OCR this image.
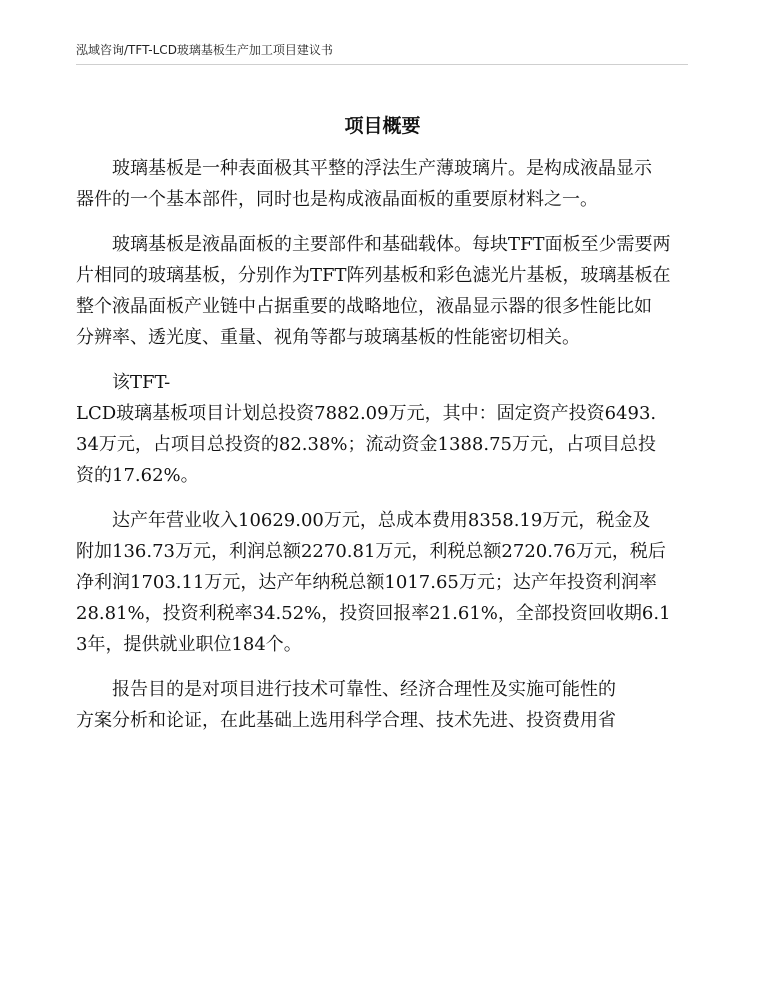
泓域咨询/TFT-LCD玻璃基板生产加工项目建议书
项目概要

玻璃基板是一种表面极其平整的浮法生产薄玻璃片。是构成液晶显示
器件的一个基本部件，同时也是构成液晶面板的重要原材料之一。

玻璃基板是液晶面板的主要部件和基础载体。每块TFT面板至少需要两
片相同的玻璃基板，分别作为TFT阵列基板和彩色滤光片基板，玻璃基板在
整个液晶面板产业链中占据重要的战略地位，液晶显示器的很多性能比如
分辨率、透光度、重量、视角等都与玻璃基板的性能密切相关。

该TFT-
LCD玻璃基板项目计划总投资7882.09万元，其中：固定资产投资6493.
34万元，占项目总投资的82.38%；流动资金1388.75万元，占项目总投
资的17.62%。

达产年营业收入10629.00万元，总成本费用8358.19万元，税金及
附加136.73万元，利润总额2270.81万元，利税总额2720.76万元，税后
净利润1703.11万元，达产年纳税总额1017.65万元；达产年投资利润率
28.81%，投资利税率34.52%，投资回报率21.61%，全部投资回收期6.1
3年，提供就业职位184个。

报告目的是对项目进行技术可靠性、经济合理性及实施可能性的
方案分析和论证，在此基础上选用科学合理、技术先进、投资费用省
